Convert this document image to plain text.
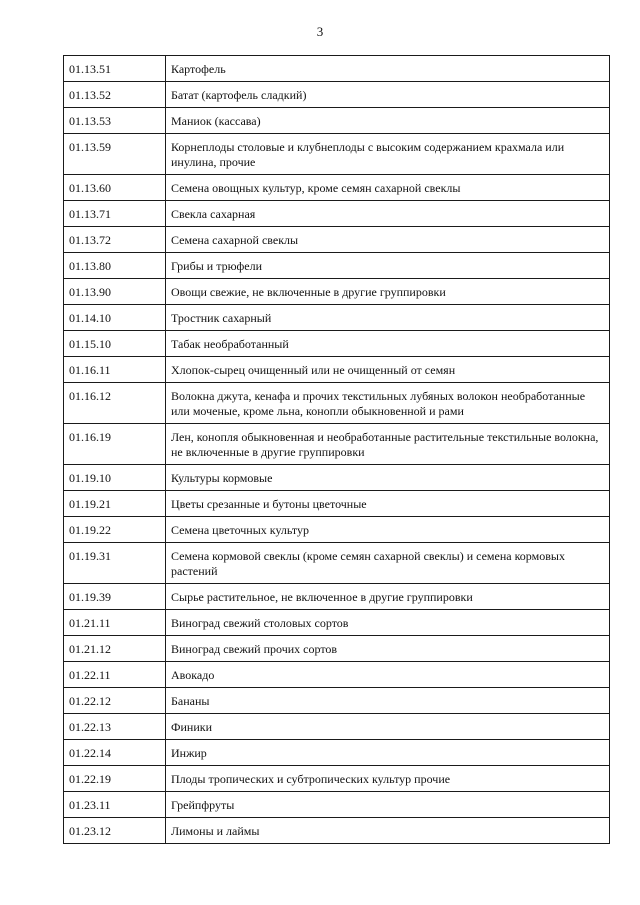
3
01.13.51	Картофель
01.13.52	Батат (картофель сладкий)
01.13.53	Маниок (кассава)
01.13.59	Корнеплоды столовые и клубнеплоды с высоким содержанием крахмала или инулина, прочие
01.13.60	Семена овощных культур, кроме семян сахарной свеклы
01.13.71	Свекла сахарная
01.13.72	Семена сахарной свеклы
01.13.80	Грибы и трюфели
01.13.90	Овощи свежие, не включенные в другие группировки
01.14.10	Тростник сахарный
01.15.10	Табак необработанный
01.16.11	Хлопок-сырец очищенный или не очищенный от семян
01.16.12	Волокна джута, кенафа и прочих текстильных лубяных волокон необработанные или моченые, кроме льна, конопли обыкновенной и рами
01.16.19	Лен, конопля обыкновенная и необработанные растительные текстильные волокна, не включенные в другие группировки
01.19.10	Культуры кормовые
01.19.21	Цветы срезанные и бутоны цветочные
01.19.22	Семена цветочных культур
01.19.31	Семена кормовой свеклы (кроме семян сахарной свеклы) и семена кормовых растений
01.19.39	Сырье растительное, не включенное в другие группировки
01.21.11	Виноград свежий столовых сортов
01.21.12	Виноград свежий прочих сортов
01.22.11	Авокадо
01.22.12	Бананы
01.22.13	Финики
01.22.14	Инжир
01.22.19	Плоды тропических и субтропических культур прочие
01.23.11	Грейпфруты
01.23.12	Лимоны и лаймы
